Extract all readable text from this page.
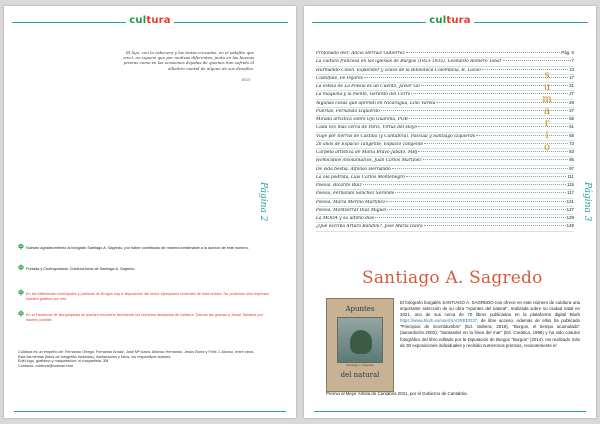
cultura
El lujo, con la cabecera y las tintas cruzadas, en el palafito que crecí, no supone que por motivos diferentes, junto en las buenas piraras como en las ocasiones dejadas de quienes han sufrido el albedrío mortal de alguno de sus desafíos.
ECO
ф Nuestro agradecimiento al fotógrafo Santiago A. Sagredo, por haber contribuido de manera inestimable a la durcion de este número.
ф Portada y Contraportada: Culdtura,fotos de Santiago A. Sagredo.
ф En las bibliotecas municipales y públicas de Burgos hay a disposición del lector ejemplares recientes de esta revista. No podemos sino expresar nuestra gratitud por ello.
ф En el Facebook de Burgospedia se pueden encontrar fácilmente los números atrasados de culdtura. Damos las gracias a Josué Tobalina por hacerlo posible.
Página 2
Culdtura es un empeño de: Fernando Ortega, Fernando Arnáiz, José Mª Izaira, Alfonso Hernando, Jesús Borra y Félix J. Alonso, entre otros.
Este las tientas (fotos de fotografía incluidas), ilustraciones y fotos, los respectivos autores.
Edel logo, grafismo y maquetación: el maquetista, 3M.
Contacto: culdtura@hotmail.com
cultura
Profanado leer, Alicia Herraiz Gutiérrez	Pág. 5
La cultura francesa en las iglesias de Burgos (1923-1935), Leonardo Romero Tobar	7
Hurmando Colón. Esplendor y ocaso de la Biblioteca Colombina, B. Lozier	13
Castilfalé, Fe Pajares	17
La esteia de La Poesía es un Cuento, Javier Gil	21
La máquina y la mente, Gerardo del Cerro	27
Algunas cosas que aprendí en Nicaragua, Lino Varela	29
Puertas, Fernando Izquierdo	37
Mirada artística sobre Ojo Guareña, POB	55
Cada vez más cerca de París, Virtus del Hoyo	61
Viaje por tierras de Castilla (y Cantabria), Pascual y Santiago Izquierdo	65
20 años de Espacio Tangente, Espacio Tangente	73
Carpeta artística de María Bravo Jabato, MBJ	83
Homicidios involuntarios, Juan Carlos Martínez	95
De vida bestia, Alfonso Hernando	97
La ola podrida, Luis Carlos Montenegro	111
Poesía, Ricardo Ruiz	115
Poesía, Fernando Sánchez Sorondo	117
Poesía, María Merino Martínez	121
Poesía, Montserrat Díaz Miguel	127
La MODA y su último dios	129
¿Qué escriba Arturo Bandini?, José María Izaira	149
s
u
m
a
r
i
o
Página 3
Santiago A. Sagredo
Apuntes
Santiago A. Sagredo
del natural
El fotógrafo burgalés SANTIAGO A. SAGREDO nos ofrece en este número de culdtura una importante selección de su obra "Apuntes del natural", realizada sobre su ciudad natal en 2021, uno de sus cerca de 70 libros publicados en la plataforma digital Blurb https://www.blurb.es/user/SAGREDO37, de libre acceso. Además de ellos ha publicado "Principios de incertidumbre" (Ed. Valnera, 2019), "Burgos, el tiempo acumulado" (autoedición 2002), "Santander en la línea del mar" (Ed. Creática, 1998) y ha sido coautor fotográfico del libro editado por la Diputación de Burgos "Burgos" (2014). Ha realizado más de 30 exposiciones individuales y recibido numerosos premios, recientemente el
Premio al Mejor Artista de Cantabria 2021, por el Gobierno de Cantabria.
